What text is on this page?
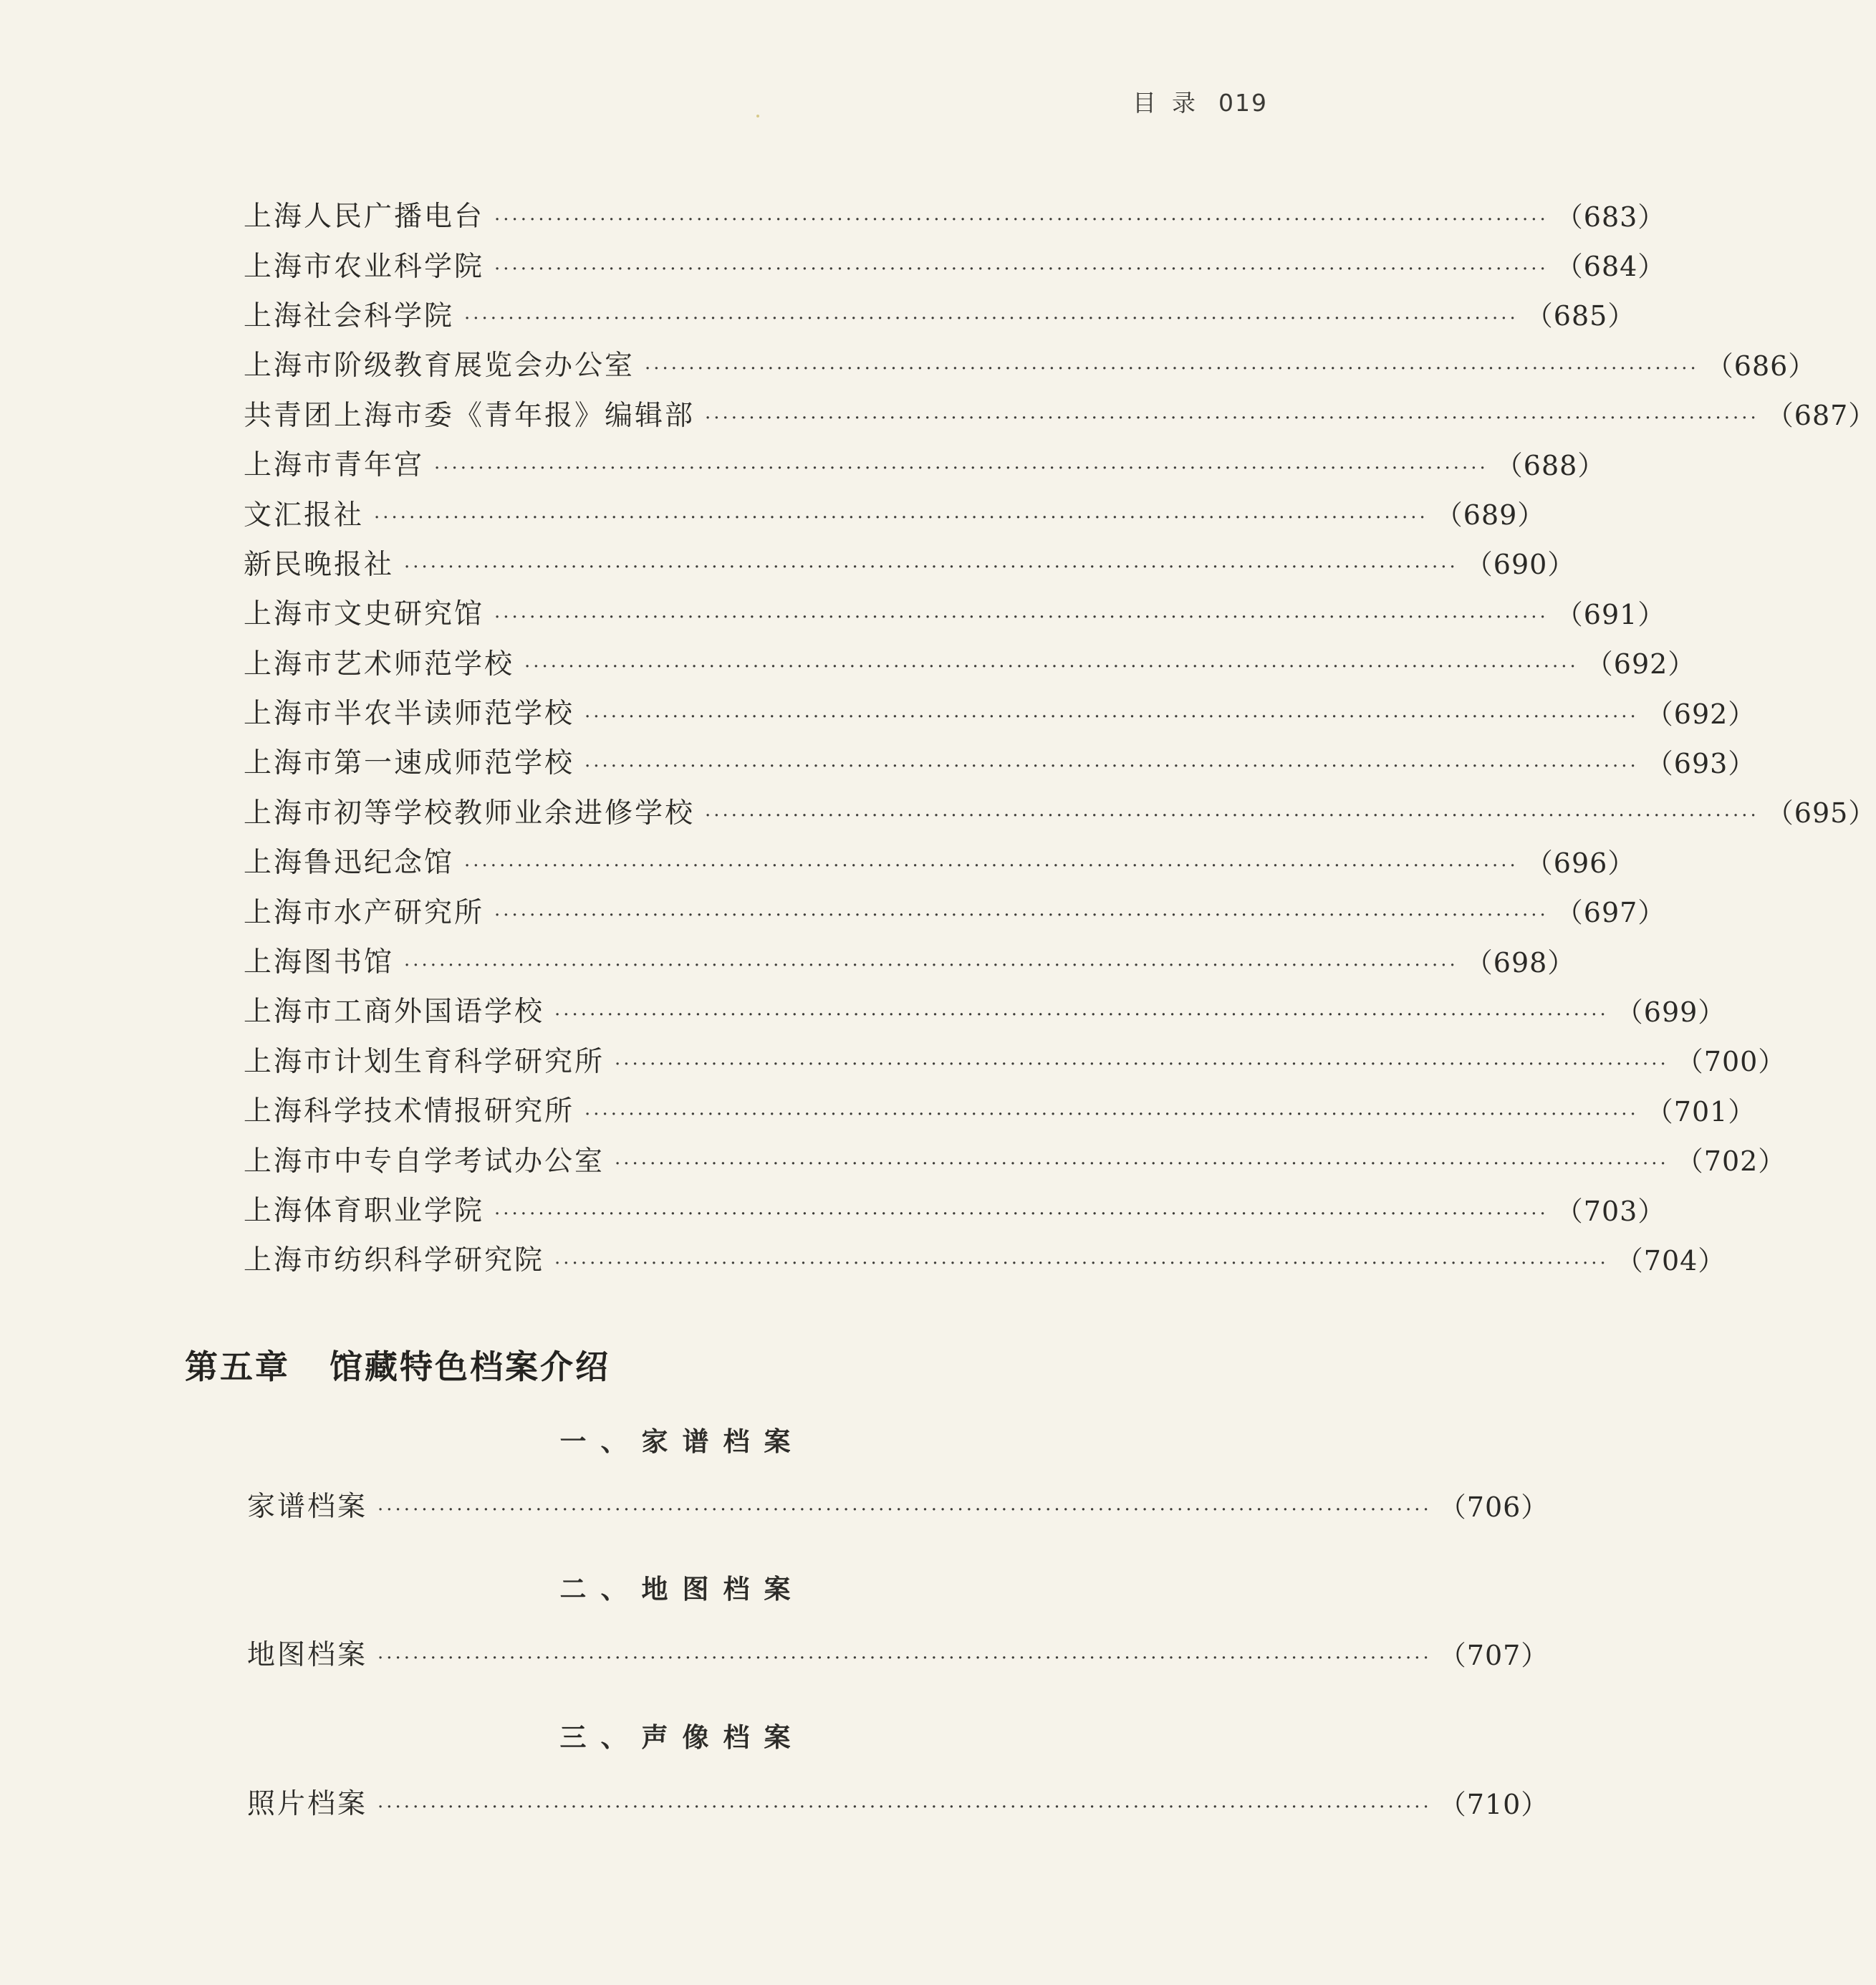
目录 019
上海人民广播电台 ························································································································ （683）
上海市农业科学院 ························································································································ （684）
上海社会科学院 ························································································································ （685）
上海市阶级教育展览会办公室 ························································································································ （686）
共青团上海市委《青年报》编辑部 ························································································································ （687）
上海市青年宫 ························································································································ （688）
文汇报社 ························································································································ （689）
新民晚报社 ························································································································ （690）
上海市文史研究馆 ························································································································ （691）
上海市艺术师范学校 ························································································································ （692）
上海市半农半读师范学校 ························································································································ （692）
上海市第一速成师范学校 ························································································································ （693）
上海市初等学校教师业余进修学校 ························································································································ （695）
上海鲁迅纪念馆 ························································································································ （696）
上海市水产研究所 ························································································································ （697）
上海图书馆 ························································································································ （698）
上海市工商外国语学校 ························································································································ （699）
上海市计划生育科学研究所 ························································································································ （700）
上海科学技术情报研究所 ························································································································ （701）
上海市中专自学考试办公室 ························································································································ （702）
上海体育职业学院 ························································································································ （703）
上海市纺织科学研究院 ························································································································ （704）
第五章 馆藏特色档案介绍
一、家谱档案
家谱档案 ························································································································ （706）
二、地图档案
地图档案 ························································································································ （707）
三、声像档案
照片档案 ························································································································ （710）
